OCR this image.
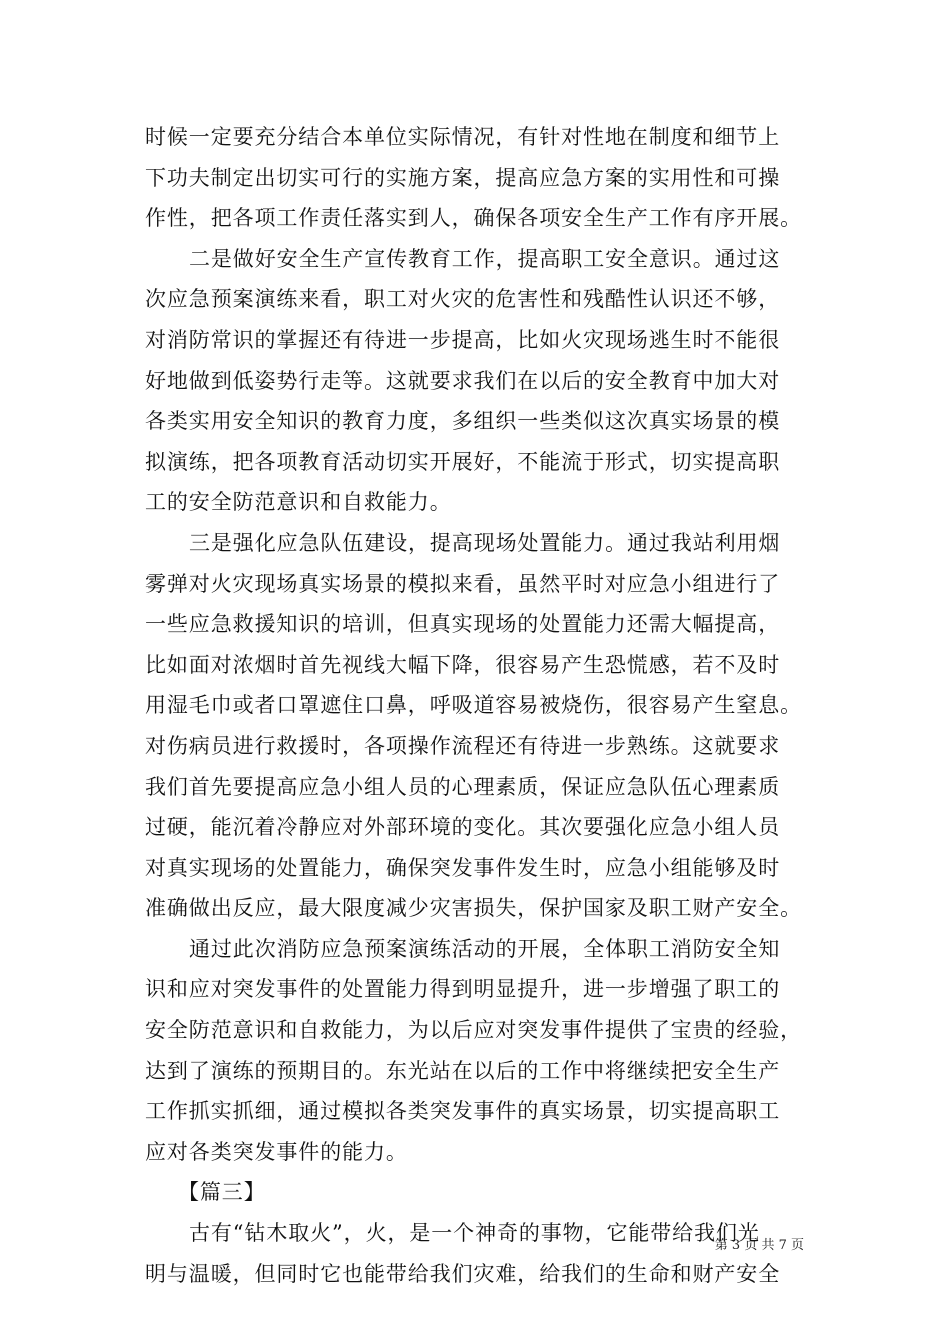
时候一定要充分结合本单位实际情况，有针对性地在制度和细节上
下功夫制定出切实可行的实施方案，提高应急方案的实用性和可操
作性，把各项工作责任落实到人，确保各项安全生产工作有序开展。
二是做好安全生产宣传教育工作，提高职工安全意识。通过这
次应急预案演练来看，职工对火灾的危害性和残酷性认识还不够，
对消防常识的掌握还有待进一步提高，比如火灾现场逃生时不能很
好地做到低姿势行走等。这就要求我们在以后的安全教育中加大对
各类实用安全知识的教育力度，多组织一些类似这次真实场景的模
拟演练，把各项教育活动切实开展好，不能流于形式，切实提高职
工的安全防范意识和自救能力。
三是强化应急队伍建设，提高现场处置能力。通过我站利用烟
雾弹对火灾现场真实场景的模拟来看，虽然平时对应急小组进行了
一些应急救援知识的培训，但真实现场的处置能力还需大幅提高，
比如面对浓烟时首先视线大幅下降，很容易产生恐慌感，若不及时
用湿毛巾或者口罩遮住口鼻，呼吸道容易被烧伤，很容易产生窒息。
对伤病员进行救援时，各项操作流程还有待进一步熟练。这就要求
我们首先要提高应急小组人员的心理素质，保证应急队伍心理素质
过硬，能沉着冷静应对外部环境的变化。其次要强化应急小组人员
对真实现场的处置能力，确保突发事件发生时，应急小组能够及时
准确做出反应，最大限度减少灾害损失，保护国家及职工财产安全。
通过此次消防应急预案演练活动的开展，全体职工消防安全知
识和应对突发事件的处置能力得到明显提升，进一步增强了职工的
安全防范意识和自救能力，为以后应对突发事件提供了宝贵的经验，
达到了演练的预期目的。东光站在以后的工作中将继续把安全生产
工作抓实抓细，通过模拟各类突发事件的真实场景，切实提高职工
应对各类突发事件的能力。
【篇三】
古有“钻木取火”，火，是一个神奇的事物，它能带给我们光
明与温暖，但同时它也能带给我们灾难，给我们的生命和财产安全
第 3 页 共 7 页
